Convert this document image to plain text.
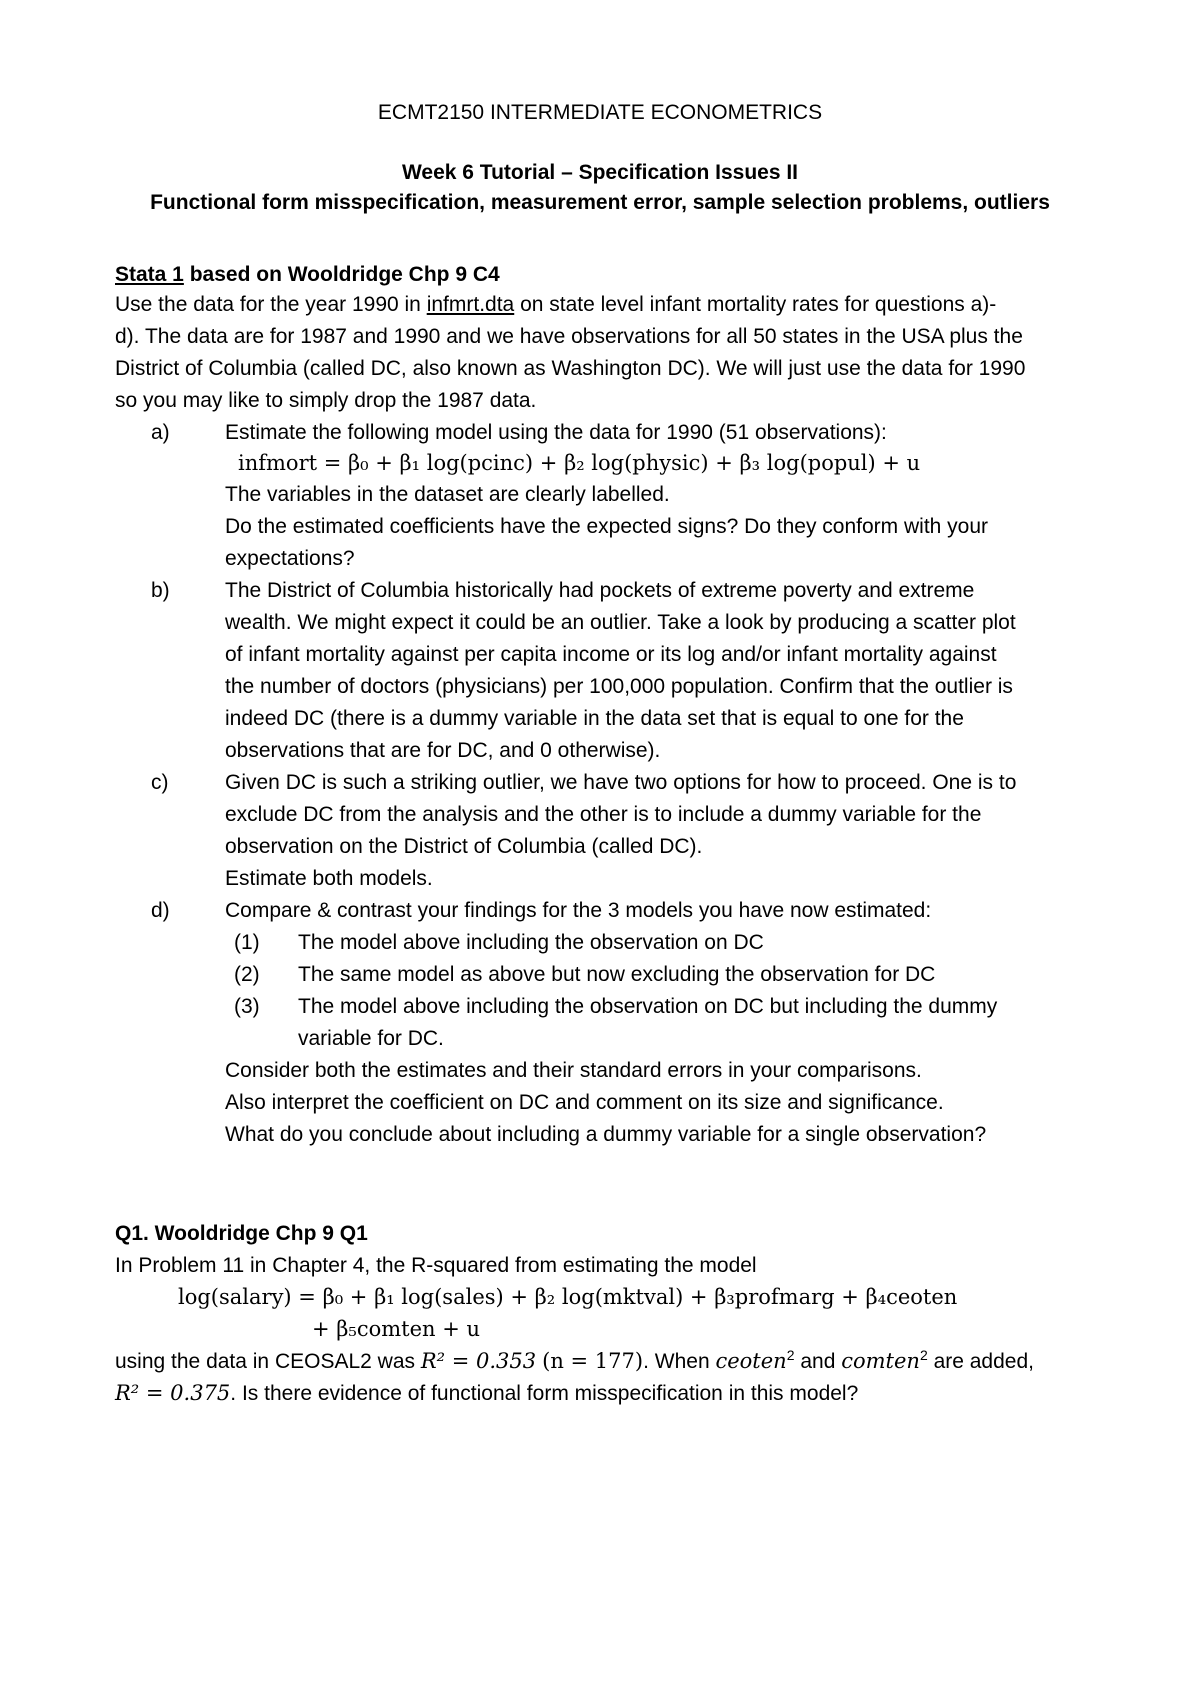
ECMT2150 INTERMEDIATE ECONOMETRICS
Week 6 Tutorial – Specification Issues II
Functional form misspecification, measurement error, sample selection problems, outliers
Stata 1 based on Wooldridge Chp 9 C4
Use the data for the year 1990 in infmrt.dta on state level infant mortality rates for questions a)-
d). The data are for 1987 and 1990 and we have observations for all 50 states in the USA plus the
District of Columbia (called DC, also known as Washington DC). We will just use the data for 1990
so you may like to simply drop the 1987 data.
a)	Estimate the following model using the data for 1990 (51 observations):
infmort = β₀ + β₁ log(pcinc) + β₂ log(physic) + β₃ log(popul) + u
The variables in the dataset are clearly labelled.
Do the estimated coefficients have the expected signs? Do they conform with your
expectations?
b)	The District of Columbia historically had pockets of extreme poverty and extreme
wealth. We might expect it could be an outlier. Take a look by producing a scatter plot
of infant mortality against per capita income or its log and/or infant mortality against
the number of doctors (physicians) per 100,000 population. Confirm that the outlier is
indeed DC (there is a dummy variable in the data set that is equal to one for the
observations that are for DC, and 0 otherwise).
c)	Given DC is such a striking outlier, we have two options for how to proceed. One is to
exclude DC from the analysis and the other is to include a dummy variable for the
observation on the District of Columbia (called DC).
Estimate both models.
d)	Compare & contrast your findings for the 3 models you have now estimated:
(1) The model above including the observation on DC
(2) The same model as above but now excluding the observation for DC
(3) The model above including the observation on DC but including the dummy
variable for DC.
Consider both the estimates and their standard errors in your comparisons.
Also interpret the coefficient on DC and comment on its size and significance.
What do you conclude about including a dummy variable for a single observation?
Q1. Wooldridge Chp 9 Q1
In Problem 11 in Chapter 4, the R-squared from estimating the model
log(salary) = β₀ + β₁ log(sales) + β₂ log(mktval) + β₃profmarg + β₄ceoten
+ β₅comten + u
using the data in CEOSAL2 was R² = 0.353 (n = 177). When ceoten$^2$ and comten$^2$ are added,
R² = 0.375. Is there evidence of functional form misspecification in this model?
